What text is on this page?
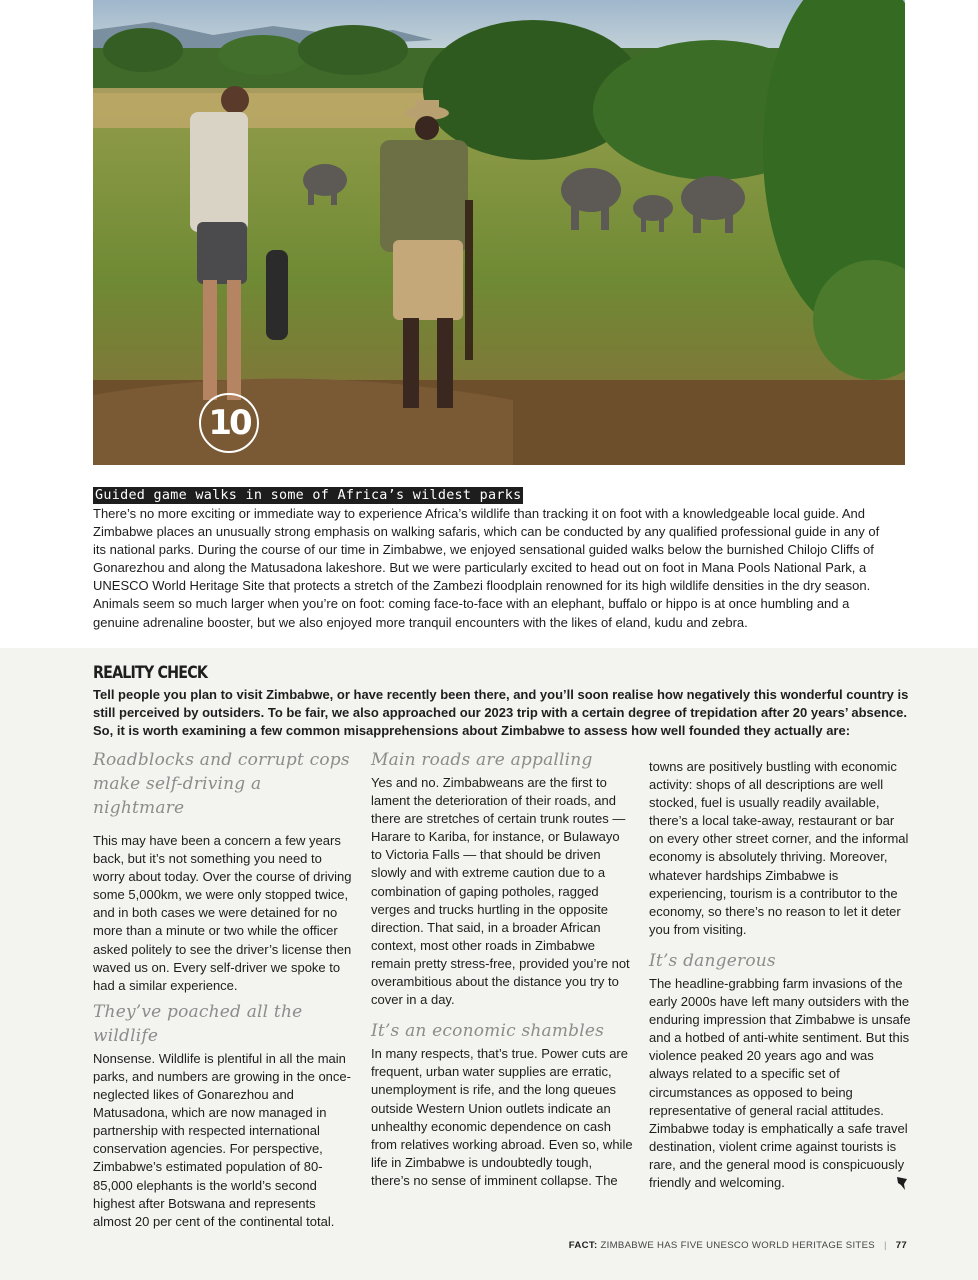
10
Guided game walks in some of Africa’s wildest parks

There’s no more exciting or immediate way to experience Africa’s wildlife than tracking it on foot with a knowledgeable local guide. And Zimbabwe places an unusually strong emphasis on walking safaris, which can be conducted by any qualified professional guide in any of its national parks. During the course of our time in Zimbabwe, we enjoyed sensational guided walks below the burnished Chilojo Cliffs of Gonarezhou and along the Matusadona lakeshore. But we were particularly excited to head out on foot in Mana Pools National Park, a UNESCO World Heritage Site that protects a stretch of the Zambezi floodplain renowned for its high wildlife densities in the dry season. Animals seem so much larger when you’re on foot: coming face-to-face with an elephant, buffalo or hippo is at once humbling and a genuine adrenaline booster, but we also enjoyed more tranquil encounters with the likes of eland, kudu and zebra.

REALITY CHECK

Tell people you plan to visit Zimbabwe, or have recently been there, and you’ll soon realise how negatively this wonderful country is still perceived by outsiders. To be fair, we also approached our 2023 trip with a certain degree of trepidation after 20 years’ absence. So, it is worth examining a few common misapprehensions about Zimbabwe to assess how well founded they actually are:

Roadblocks and corrupt cops make self-driving a nightmare

This may have been a concern a few years back, but it’s not something you need to worry about today. Over the course of driving some 5,000km, we were only stopped twice, and in both cases we were detained for no more than a minute or two while the officer asked politely to see the driver’s license then waved us on. Every self-driver we spoke to had a similar experience.

They’ve poached all the wildlife

Nonsense. Wildlife is plentiful in all the main parks, and numbers are growing in the once-neglected likes of Gonarezhou and Matusadona, which are now managed in partnership with respected international conservation agencies. For perspective, Zimbabwe’s estimated population of 80-85,000 elephants is the world’s second highest after Botswana and represents almost 20 per cent of the continental total.

Main roads are appalling

Yes and no. Zimbabweans are the first to lament the deterioration of their roads, and there are stretches of certain trunk routes — Harare to Kariba, for instance, or Bulawayo to Victoria Falls — that should be driven slowly and with extreme caution due to a combination of gaping potholes, ragged verges and trucks hurtling in the opposite direction. That said, in a broader African context, most other roads in Zimbabwe remain pretty stress-free, provided you’re not overambitious about the distance you try to cover in a day.

It’s an economic shambles

In many respects, that’s true. Power cuts are frequent, urban water supplies are erratic, unemployment is rife, and the long queues outside Western Union outlets indicate an unhealthy economic dependence on cash from relatives working abroad. Even so, while life in Zimbabwe is undoubtedly tough, there’s no sense of imminent collapse. The

towns are positively bustling with economic activity: shops of all descriptions are well stocked, fuel is usually readily available, there’s a local take-away, restaurant or bar on every other street corner, and the informal economy is absolutely thriving. Moreover, whatever hardships Zimbabwe is experiencing, tourism is a contributor to the economy, so there’s no reason to let it deter you from visiting.

It’s dangerous

The headline-grabbing farm invasions of the early 2000s have left many outsiders with the enduring impression that Zimbabwe is unsafe and a hotbed of anti-white sentiment. But this violence peaked 20 years ago and was always related to a specific set of circumstances as opposed to being representative of general racial attitudes. Zimbabwe today is emphatically a safe travel destination, violent crime against tourists is rare, and the general mood is conspicuously friendly and welcoming.

FACT: ZIMBABWE HAS FIVE UNESCO WORLD HERITAGE SITES | 77
